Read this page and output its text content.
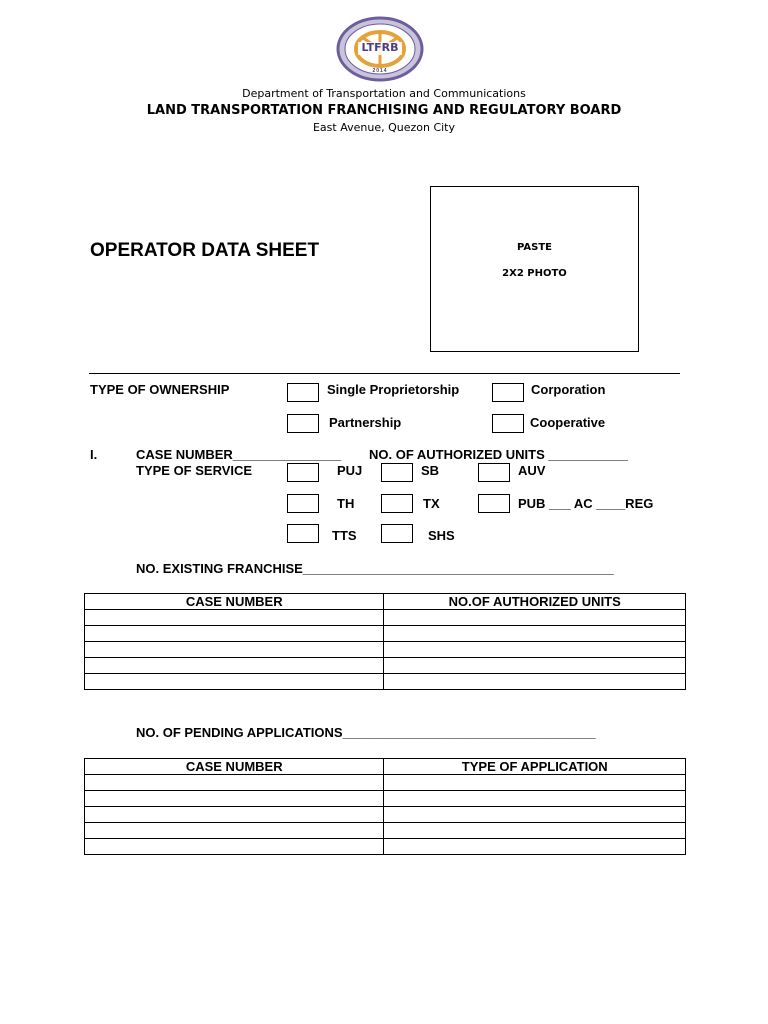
LTFRB
2014
Department of Transportation and Communications
LAND TRANSPORTATION FRANCHISING AND REGULATORY BOARD
East Avenue, Quezon City
OPERATOR DATA SHEET	PASTE
2X2 PHOTO
TYPE OF OWNERSHIP	Single Proprietorship	Corporation
Partnership	Cooperative
I.	CASE NUMBER_______________ NO. OF AUTHORIZED UNITS ___________
TYPE OF SERVICE	PUJ	SB	AUV
TH	TX	PUB ___ AC ____REG
TTS	SHS
NO. EXISTING FRANCHISE___________________________________________
CASE NUMBER	NO.OF AUTHORIZED UNITS

NO. OF PENDING APPLICATIONS___________________________________
CASE NUMBER	TYPE OF APPLICATION
